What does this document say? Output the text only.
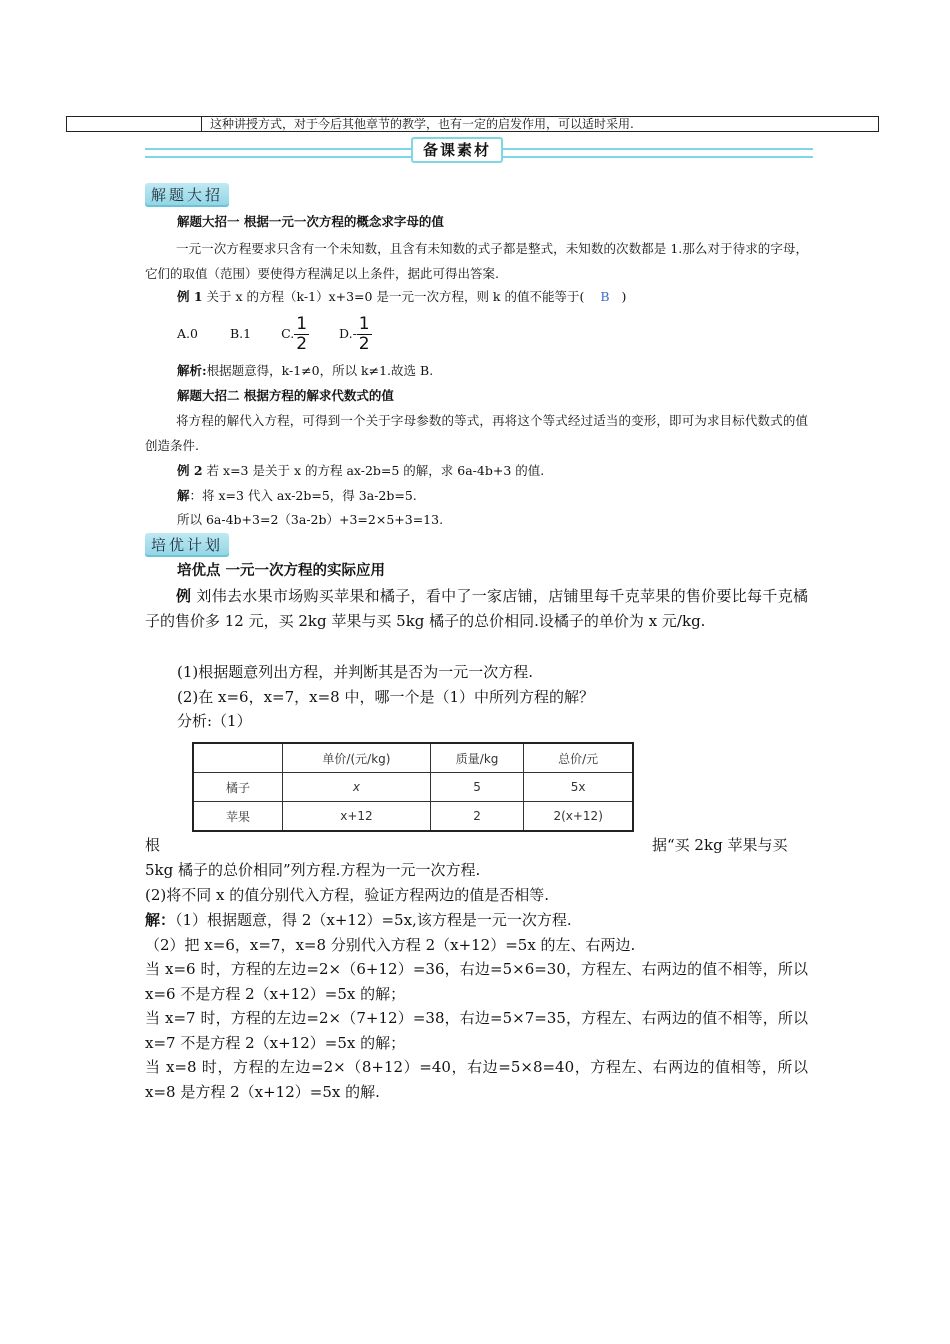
这种讲授方式，对于今后其他章节的教学，也有一定的启发作用，可以适时采用.
备课素材
解题大招
解题大招一 根据一元一次方程的概念求字母的值
一元一次方程要求只含有一个未知数，且含有未知数的式子都是整式，未知数的次数都是 1.那么对于待求的字母，它们的取值（范围）要使得方程满足以上条件，据此可得出答案.
例 1 关于 x 的方程（k-1）x+3=0 是一元一次方程，则 k 的值不能等于( B )
A.0	B.1 C. $\frac{1}{2} D.- \frac{1}{2}$
解析:根据题意得，k-1≠0，所以 k≠1.故选 B.
解题大招二 根据方程的解求代数式的值
将方程的解代入方程，可得到一个关于字母参数的等式，再将这个等式经过适当的变形，即可为求目标代数式的值创造条件.
例 2 若 x=3 是关于 x 的方程 ax-2b=5 的解，求 6a-4b+3 的值.
解：将 x=3 代入 ax-2b=5，得 3a-2b=5.
所以 6a-4b+3=2（3a-2b）+3=2×5+3=13.
培优计划
培优点 一元一次方程的实际应用
例 刘伟去水果市场购买苹果和橘子，看中了一家店铺，店铺里每千克苹果的售价要比每千克橘子的售价多 12 元，买 2kg 苹果与买 5kg 橘子的总价相同.设橘子的单价为 x 元/kg.
(1)根据题意列出方程，并判断其是否为一元一次方程.
(2)在 x=6，x=7，x=8 中，哪一个是（1）中所列方程的解？
分析:（1）
	单价/(元/kg)	质量/kg	总价/元
橘子	x	5	5x
苹果	x+12	2	2(x+12)
根	据“买 2kg 苹果与买
5kg 橘子的总价相同”列方程.方程为一元一次方程.
(2)将不同 x 的值分别代入方程，验证方程两边的值是否相等.
解：（1）根据题意，得 2（x+12）=5x,该方程是一元一次方程.
（2）把 x=6，x=7，x=8 分别代入方程 2（x+12）=5x 的左、右两边.
当 x=6 时，方程的左边=2×（6+12）=36，右边=5×6=30，方程左、右两边的值不相等，所以 x=6 不是方程 2（x+12）=5x 的解；
当 x=7 时，方程的左边=2×（7+12）=38，右边=5×7=35，方程左、右两边的值不相等，所以 x=7 不是方程 2（x+12）=5x 的解；
当 x=8 时，方程的左边=2×（8+12）=40，右边=5×8=40，方程左、右两边的值相等，所以 x=8 是方程 2（x+12）=5x 的解.
